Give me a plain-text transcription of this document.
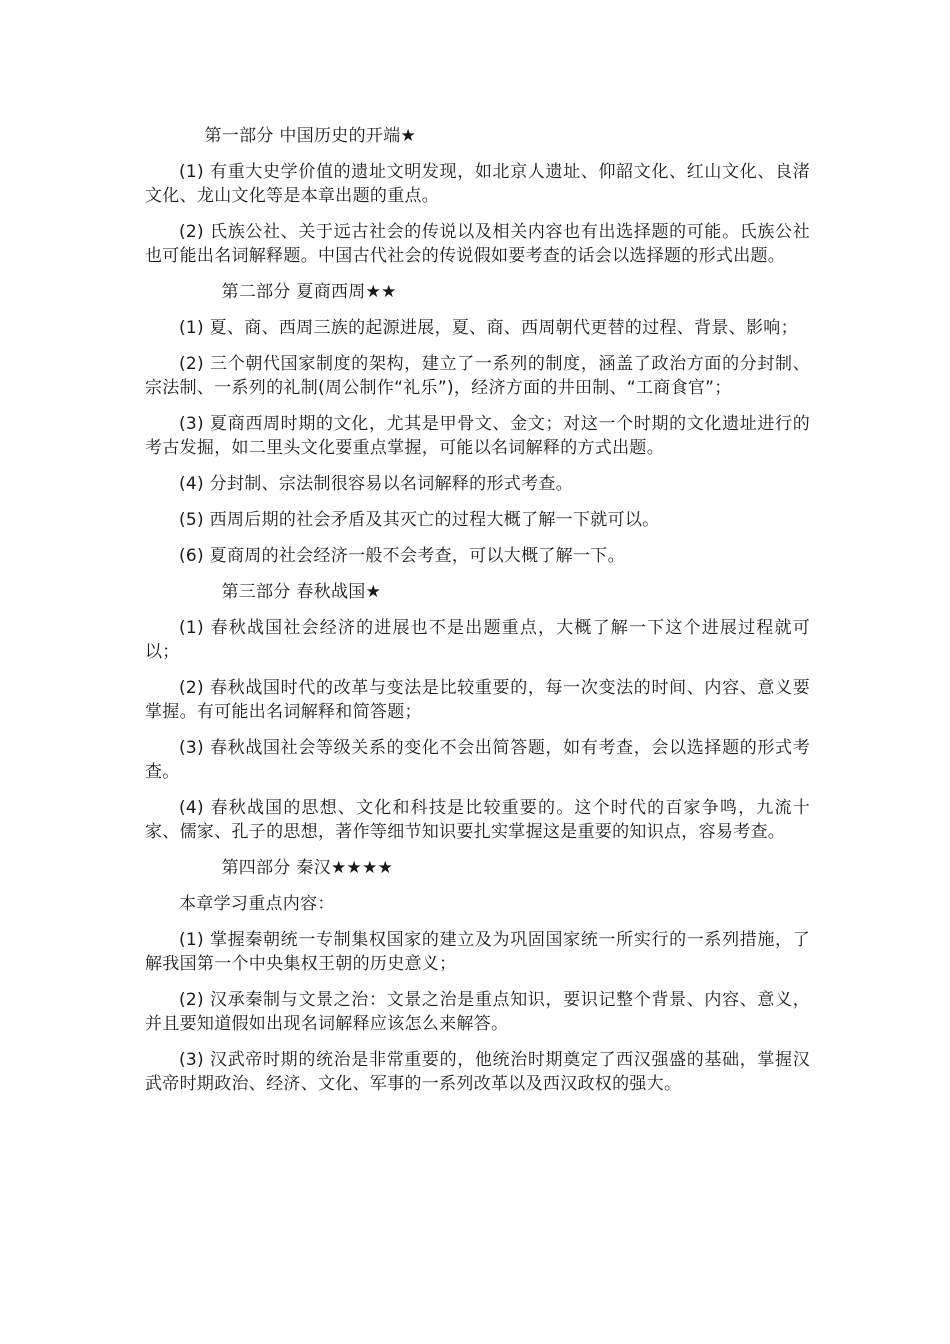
第一部分 中国历史的开端★

(1) 有重大史学价值的遗址文明发现，如北京人遗址、仰韶文化、红山文化、良渚文化、龙山文化等是本章出题的重点。

(2) 氏族公社、关于远古社会的传说以及相关内容也有出选择题的可能。氏族公社也可能出名词解释题。中国古代社会的传说假如要考查的话会以选择题的形式出题。

第二部分 夏商西周★★

(1) 夏、商、西周三族的起源进展，夏、商、西周朝代更替的过程、背景、影响；

(2) 三个朝代国家制度的架构，建立了一系列的制度，涵盖了政治方面的分封制、宗法制、一系列的礼制(周公制作“礼乐”)，经济方面的井田制、“工商食官”；

(3) 夏商西周时期的文化，尤其是甲骨文、金文；对这一个时期的文化遗址进行的考古发掘，如二里头文化要重点掌握，可能以名词解释的方式出题。

(4) 分封制、宗法制很容易以名词解释的形式考查。

(5) 西周后期的社会矛盾及其灭亡的过程大概了解一下就可以。

(6) 夏商周的社会经济一般不会考查，可以大概了解一下。

第三部分 春秋战国★

(1) 春秋战国社会经济的进展也不是出题重点，大概了解一下这个进展过程就可以；

(2) 春秋战国时代的改革与变法是比较重要的，每一次变法的时间、内容、意义要掌握。有可能出名词解释和简答题；

(3) 春秋战国社会等级关系的变化不会出简答题，如有考查，会以选择题的形式考查。

(4) 春秋战国的思想、文化和科技是比较重要的。这个时代的百家争鸣，九流十家、儒家、孔子的思想，著作等细节知识要扎实掌握这是重要的知识点，容易考查。

第四部分 秦汉★★★★

本章学习重点内容：

(1) 掌握秦朝统一专制集权国家的建立及为巩固国家统一所实行的一系列措施，了解我国第一个中央集权王朝的历史意义；

(2) 汉承秦制与文景之治：文景之治是重点知识，要识记整个背景、内容、意义，并且要知道假如出现名词解释应该怎么来解答。

(3) 汉武帝时期的统治是非常重要的，他统治时期奠定了西汉强盛的基础，掌握汉武帝时期政治、经济、文化、军事的一系列改革以及西汉政权的强大。
